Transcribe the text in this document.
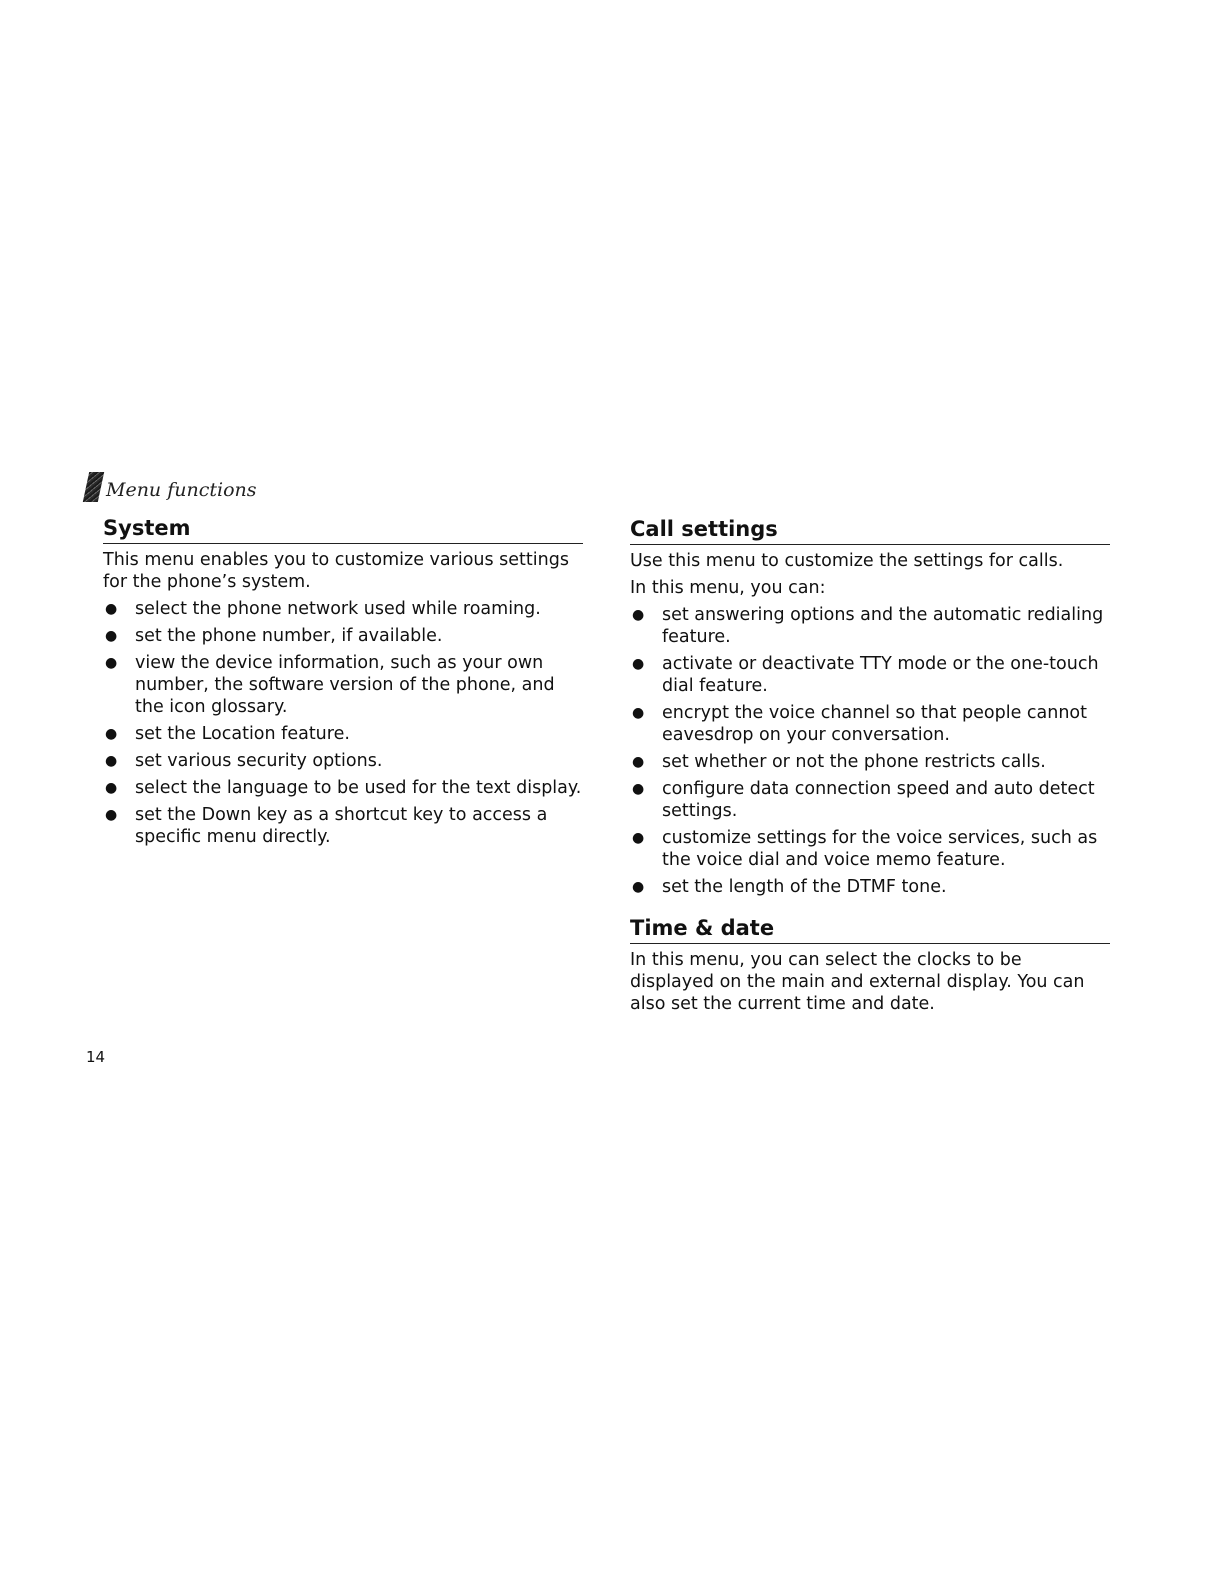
Menu functions
System
This menu enables you to customize various settings for the phone’s system.
● select the phone network used while roaming.
● set the phone number, if available.
● view the device information, such as your own number, the software version of the phone, and the icon glossary.
● set the Location feature.
● set various security options.
● select the language to be used for the text display.
● set the Down key as a shortcut key to access a specific menu directly.
Call settings
Use this menu to customize the settings for calls.
In this menu, you can:
● set answering options and the automatic redialing feature.
● activate or deactivate TTY mode or the one-touch dial feature.
● encrypt the voice channel so that people cannot eavesdrop on your conversation.
● set whether or not the phone restricts calls.
● configure data connection speed and auto detect settings.
● customize settings for the voice services, such as the voice dial and voice memo feature.
● set the length of the DTMF tone.
Time & date
In this menu, you can select the clocks to be displayed on the main and external display. You can also set the current time and date.
14
